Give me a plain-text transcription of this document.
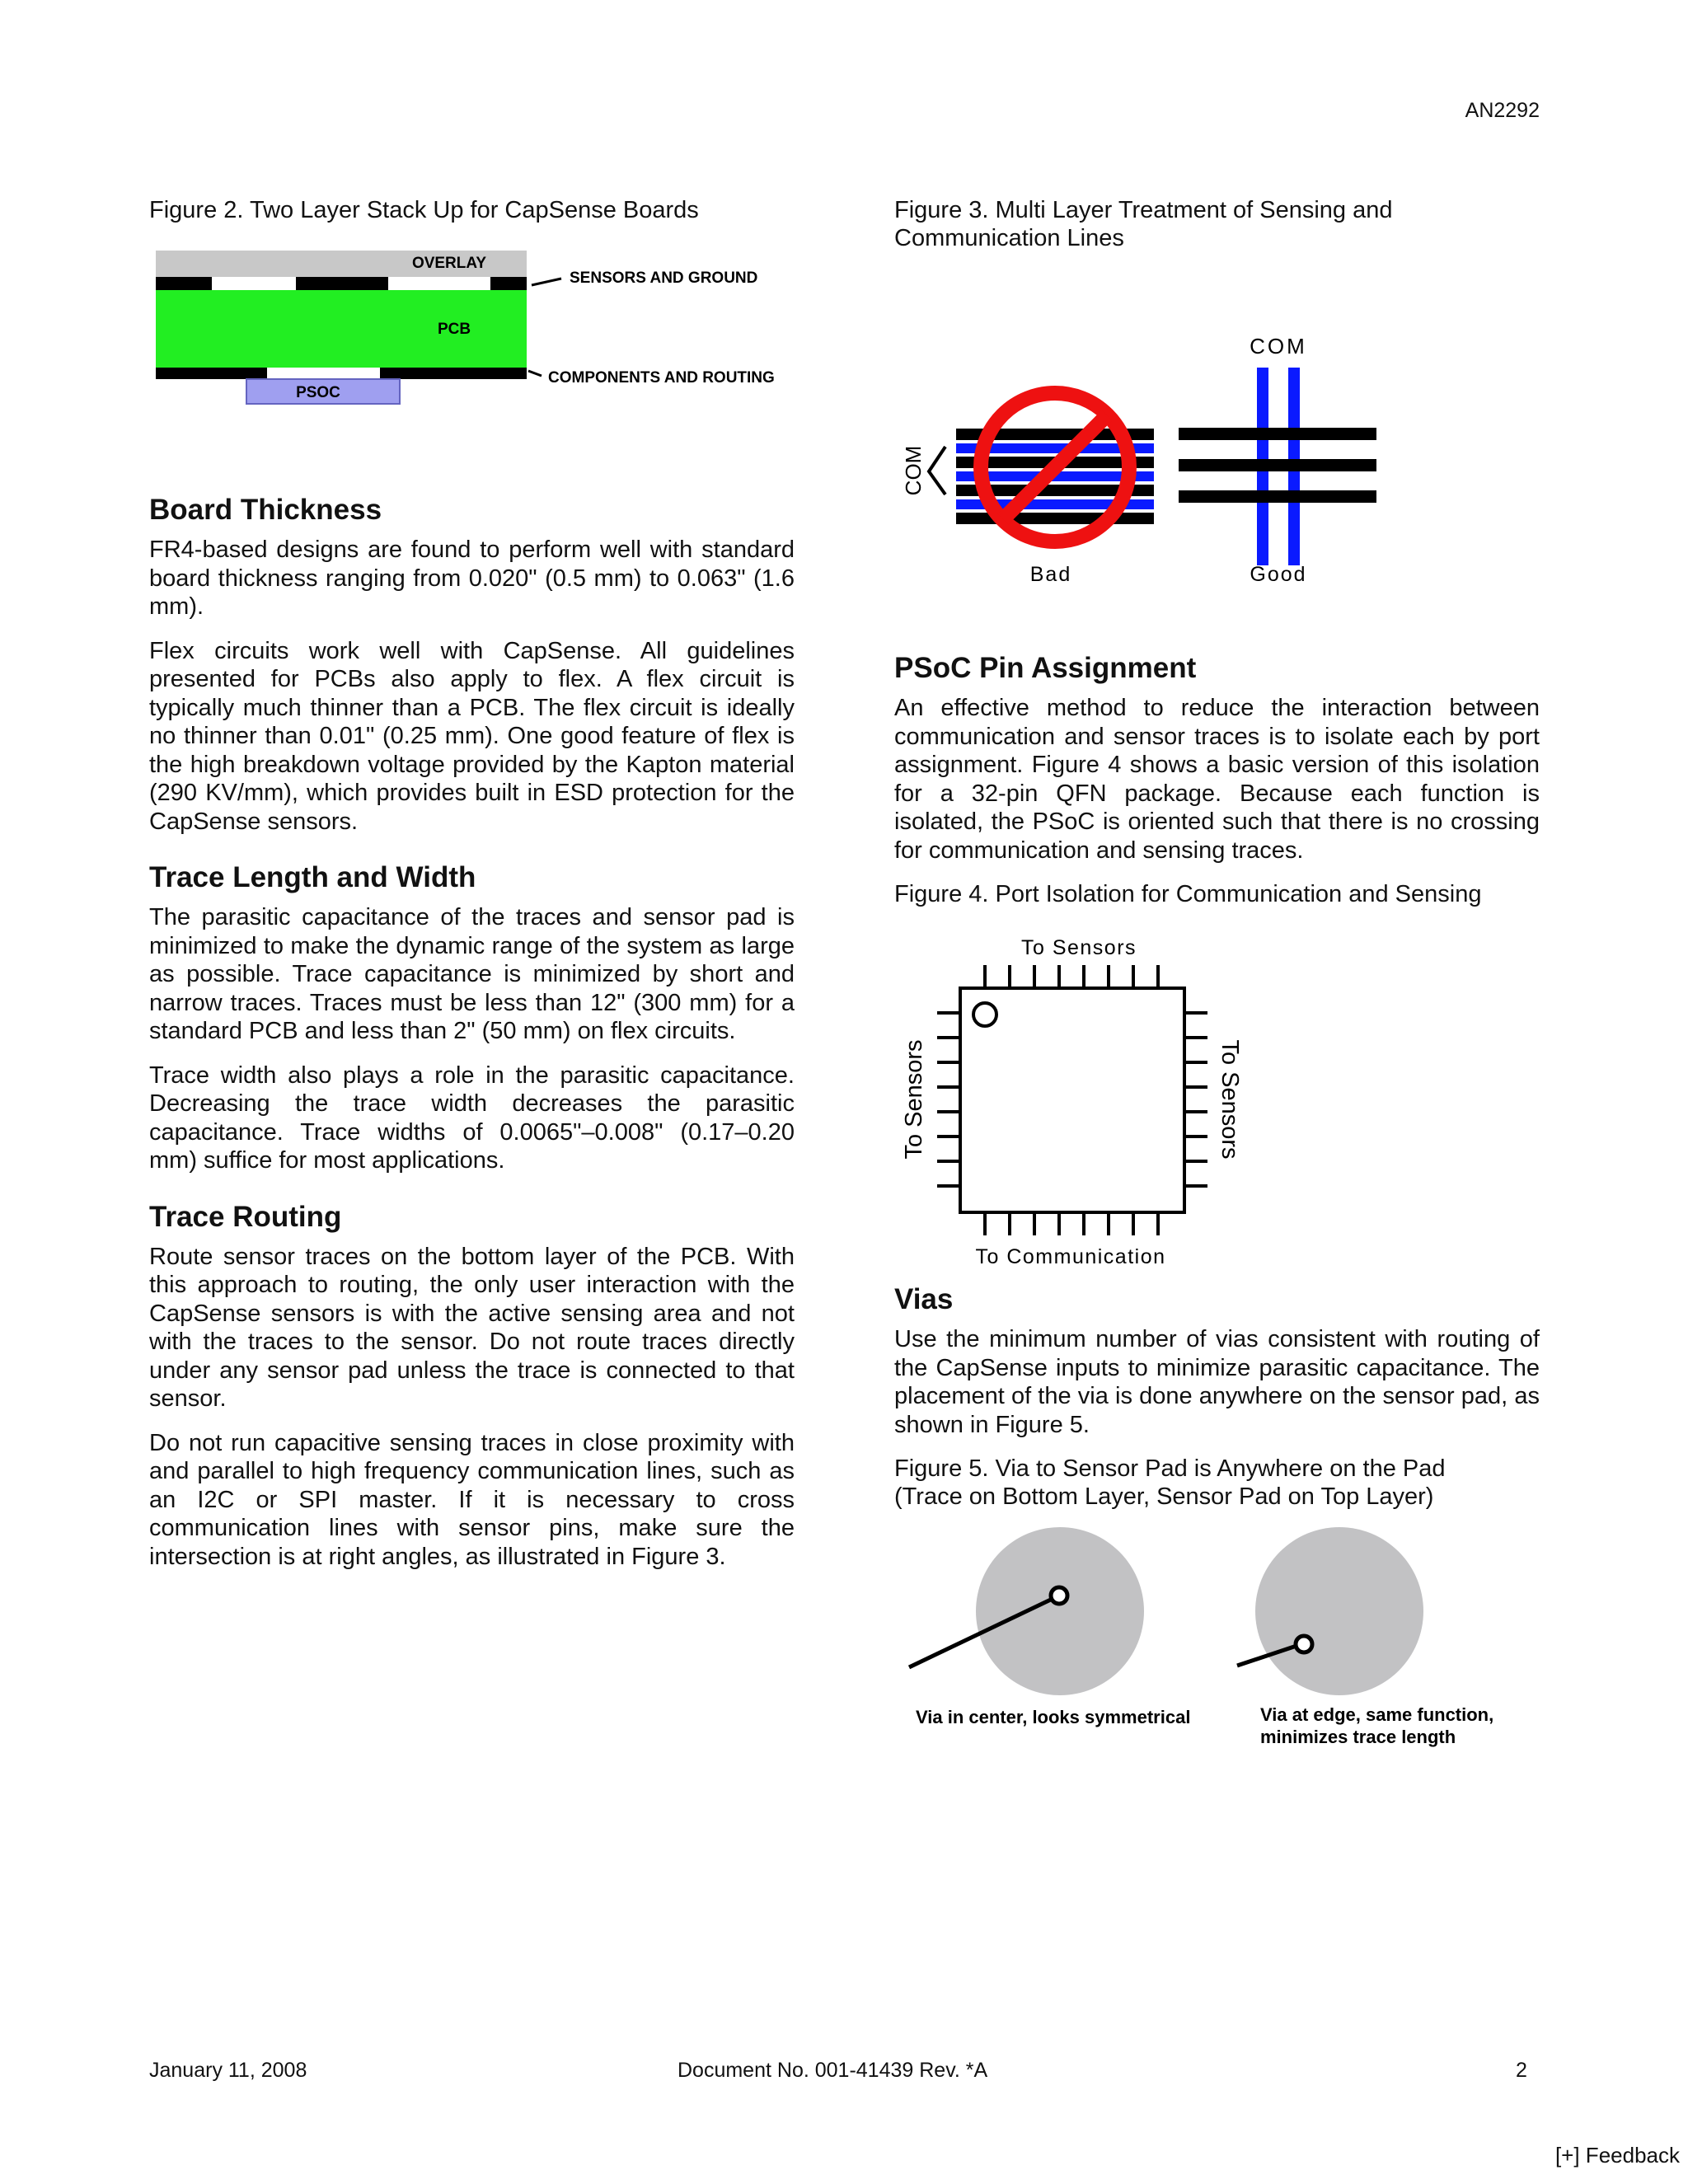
AN2292

Figure 2. Two Layer Stack Up for CapSense Boards

OVERLAY
PCB
PSOC
SENSORS AND GROUND
COMPONENTS AND ROUTING
Board Thickness

FR4-based designs are found to perform well with standard board thickness ranging from 0.020" (0.5 mm) to 0.063" (1.6 mm).

Flex circuits work well with CapSense. All guidelines presented for PCBs also apply to flex. A flex circuit is typically much thinner than a PCB. The flex circuit is ideally no thinner than 0.01" (0.25 mm). One good feature of flex is the high breakdown voltage provided by the Kapton material (290 KV/mm), which provides built in ESD protection for the CapSense sensors.

Trace Length and Width

The parasitic capacitance of the traces and sensor pad is minimized to make the dynamic range of the system as large as possible. Trace capacitance is minimized by short and narrow traces. Traces must be less than 12" (300 mm) for a standard PCB and less than 2" (50 mm) on flex circuits.

Trace width also plays a role in the parasitic capacitance. Decreasing the trace width decreases the parasitic capacitance. Trace widths of 0.0065"–0.008" (0.17–0.20 mm) suffice for most applications.

Trace Routing

Route sensor traces on the bottom layer of the PCB. With this approach to routing, the only user interaction with the CapSense sensors is with the active sensing area and not with the traces to the sensor. Do not route traces directly under any sensor pad unless the trace is connected to that sensor.

Do not run capacitive sensing traces in close proximity with and parallel to high frequency communication lines, such as an I2C or SPI master. If it is necessary to cross communication lines with sensor pins, make sure the intersection is at right angles, as illustrated in Figure 3.

Figure 3. Multi Layer Treatment of Sensing and

Communication Lines

COM
COM
Bad	Good
PSoC Pin Assignment

An effective method to reduce the interaction between communication and sensor traces is to isolate each by port assignment. Figure 4 shows a basic version of this isolation for a 32-pin QFN package. Because each function is isolated, the PSoC is oriented such that there is no crossing for communication and sensing traces.

Figure 4. Port Isolation for Communication and Sensing

To Sensors
To Sensors	To Sensors
To Communication
Vias

Use the minimum number of vias consistent with routing of the CapSense inputs to minimize parasitic capacitance. The placement of the via is done anywhere on the sensor pad, as shown in Figure 5.

Figure 5. Via to Sensor Pad is Anywhere on the Pad

(Trace on Bottom Layer, Sensor Pad on Top Layer)

Via in center, looks symmetrical	Via at edge, same function,
minimizes trace length
January 11, 2008	Document No. 001-41439 Rev. *A	2
[+] Feedback
